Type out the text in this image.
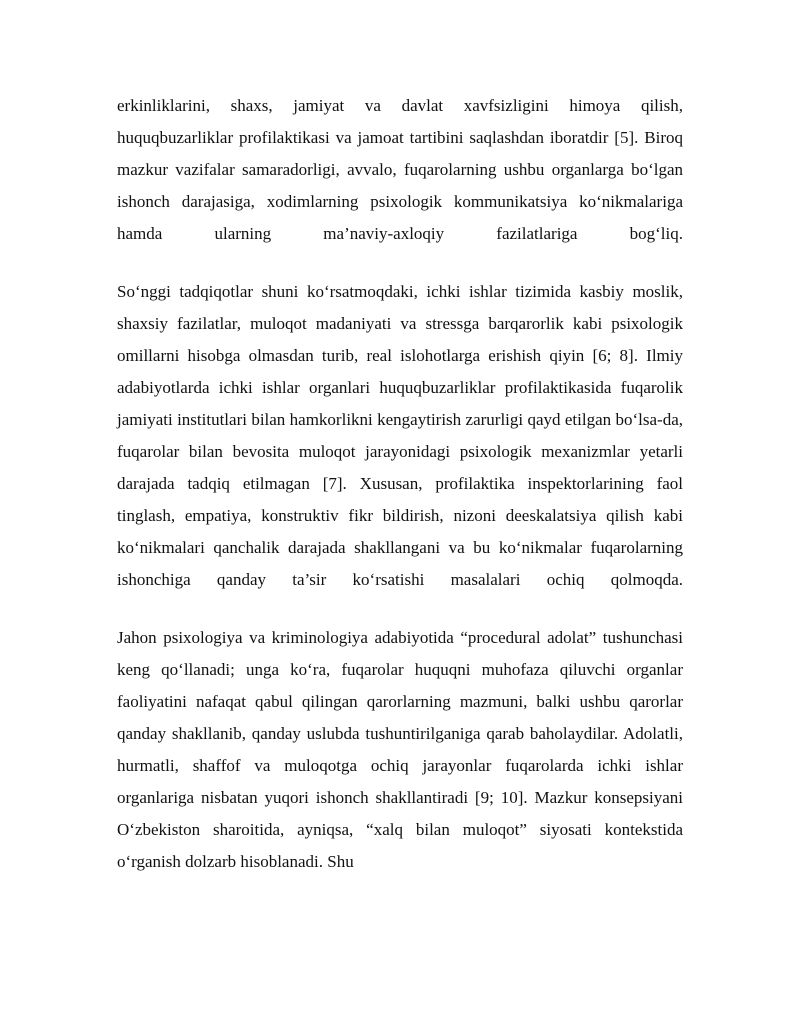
erkinliklarini, shaxs, jamiyat va davlat xavfsizligini himoya qilish, huquqbuzarliklar profilaktikasi va jamoat tartibini saqlashdan iboratdir [5]. Biroq mazkur vazifalar samaradorligi, avvalo, fuqarolarning ushbu organlarga bo‘lgan ishonch darajasiga, xodimlarning psixologik kommunikatsiya ko‘nikmalariga hamda ularning ma’naviy-axloqiy fazilatlariga bog‘liq.

So‘nggi tadqiqotlar shuni ko‘rsatmoqdaki, ichki ishlar tizimida kasbiy moslik, shaxsiy fazilatlar, muloqot madaniyati va stressga barqarorlik kabi psixologik omillarni hisobga olmasdan turib, real islohotlarga erishish qiyin [6; 8]. Ilmiy adabiyotlarda ichki ishlar organlari huquqbuzarliklar profilaktikasida fuqarolik jamiyati institutlari bilan hamkorlikni kengaytirish zarurligi qayd etilgan bo‘lsa-da, fuqarolar bilan bevosita muloqot jarayonidagi psixologik mexanizmlar yetarli darajada tadqiq etilmagan [7]. Xususan, profilaktika inspektorlarining faol tinglash, empatiya, konstruktiv fikr bildirish, nizoni deeskalatsiya qilish kabi ko‘nikmalari qanchalik darajada shakllangani va bu ko‘nikmalar fuqarolarning ishonchiga qanday ta’sir ko‘rsatishi masalalari ochiq qolmoqda.

Jahon psixologiya va kriminologiya adabiyotida “procedural adolat” tushunchasi keng qo‘llanadi; unga ko‘ra, fuqarolar huquqni muhofaza qiluvchi organlar faoliyatini nafaqat qabul qilingan qarorlarning mazmuni, balki ushbu qarorlar qanday shakllanib, qanday uslubda tushuntirilganiga qarab baholaydilar. Adolatli, hurmatli, shaffof va muloqotga ochiq jarayonlar fuqarolarda ichki ishlar organlariga nisbatan yuqori ishonch shakllantiradi [9; 10]. Mazkur konsepsiyani O‘zbekiston sharoitida, ayniqsa, “xalq bilan muloqot” siyosati kontekstida o‘rganish dolzarb hisoblanadi. Shu
